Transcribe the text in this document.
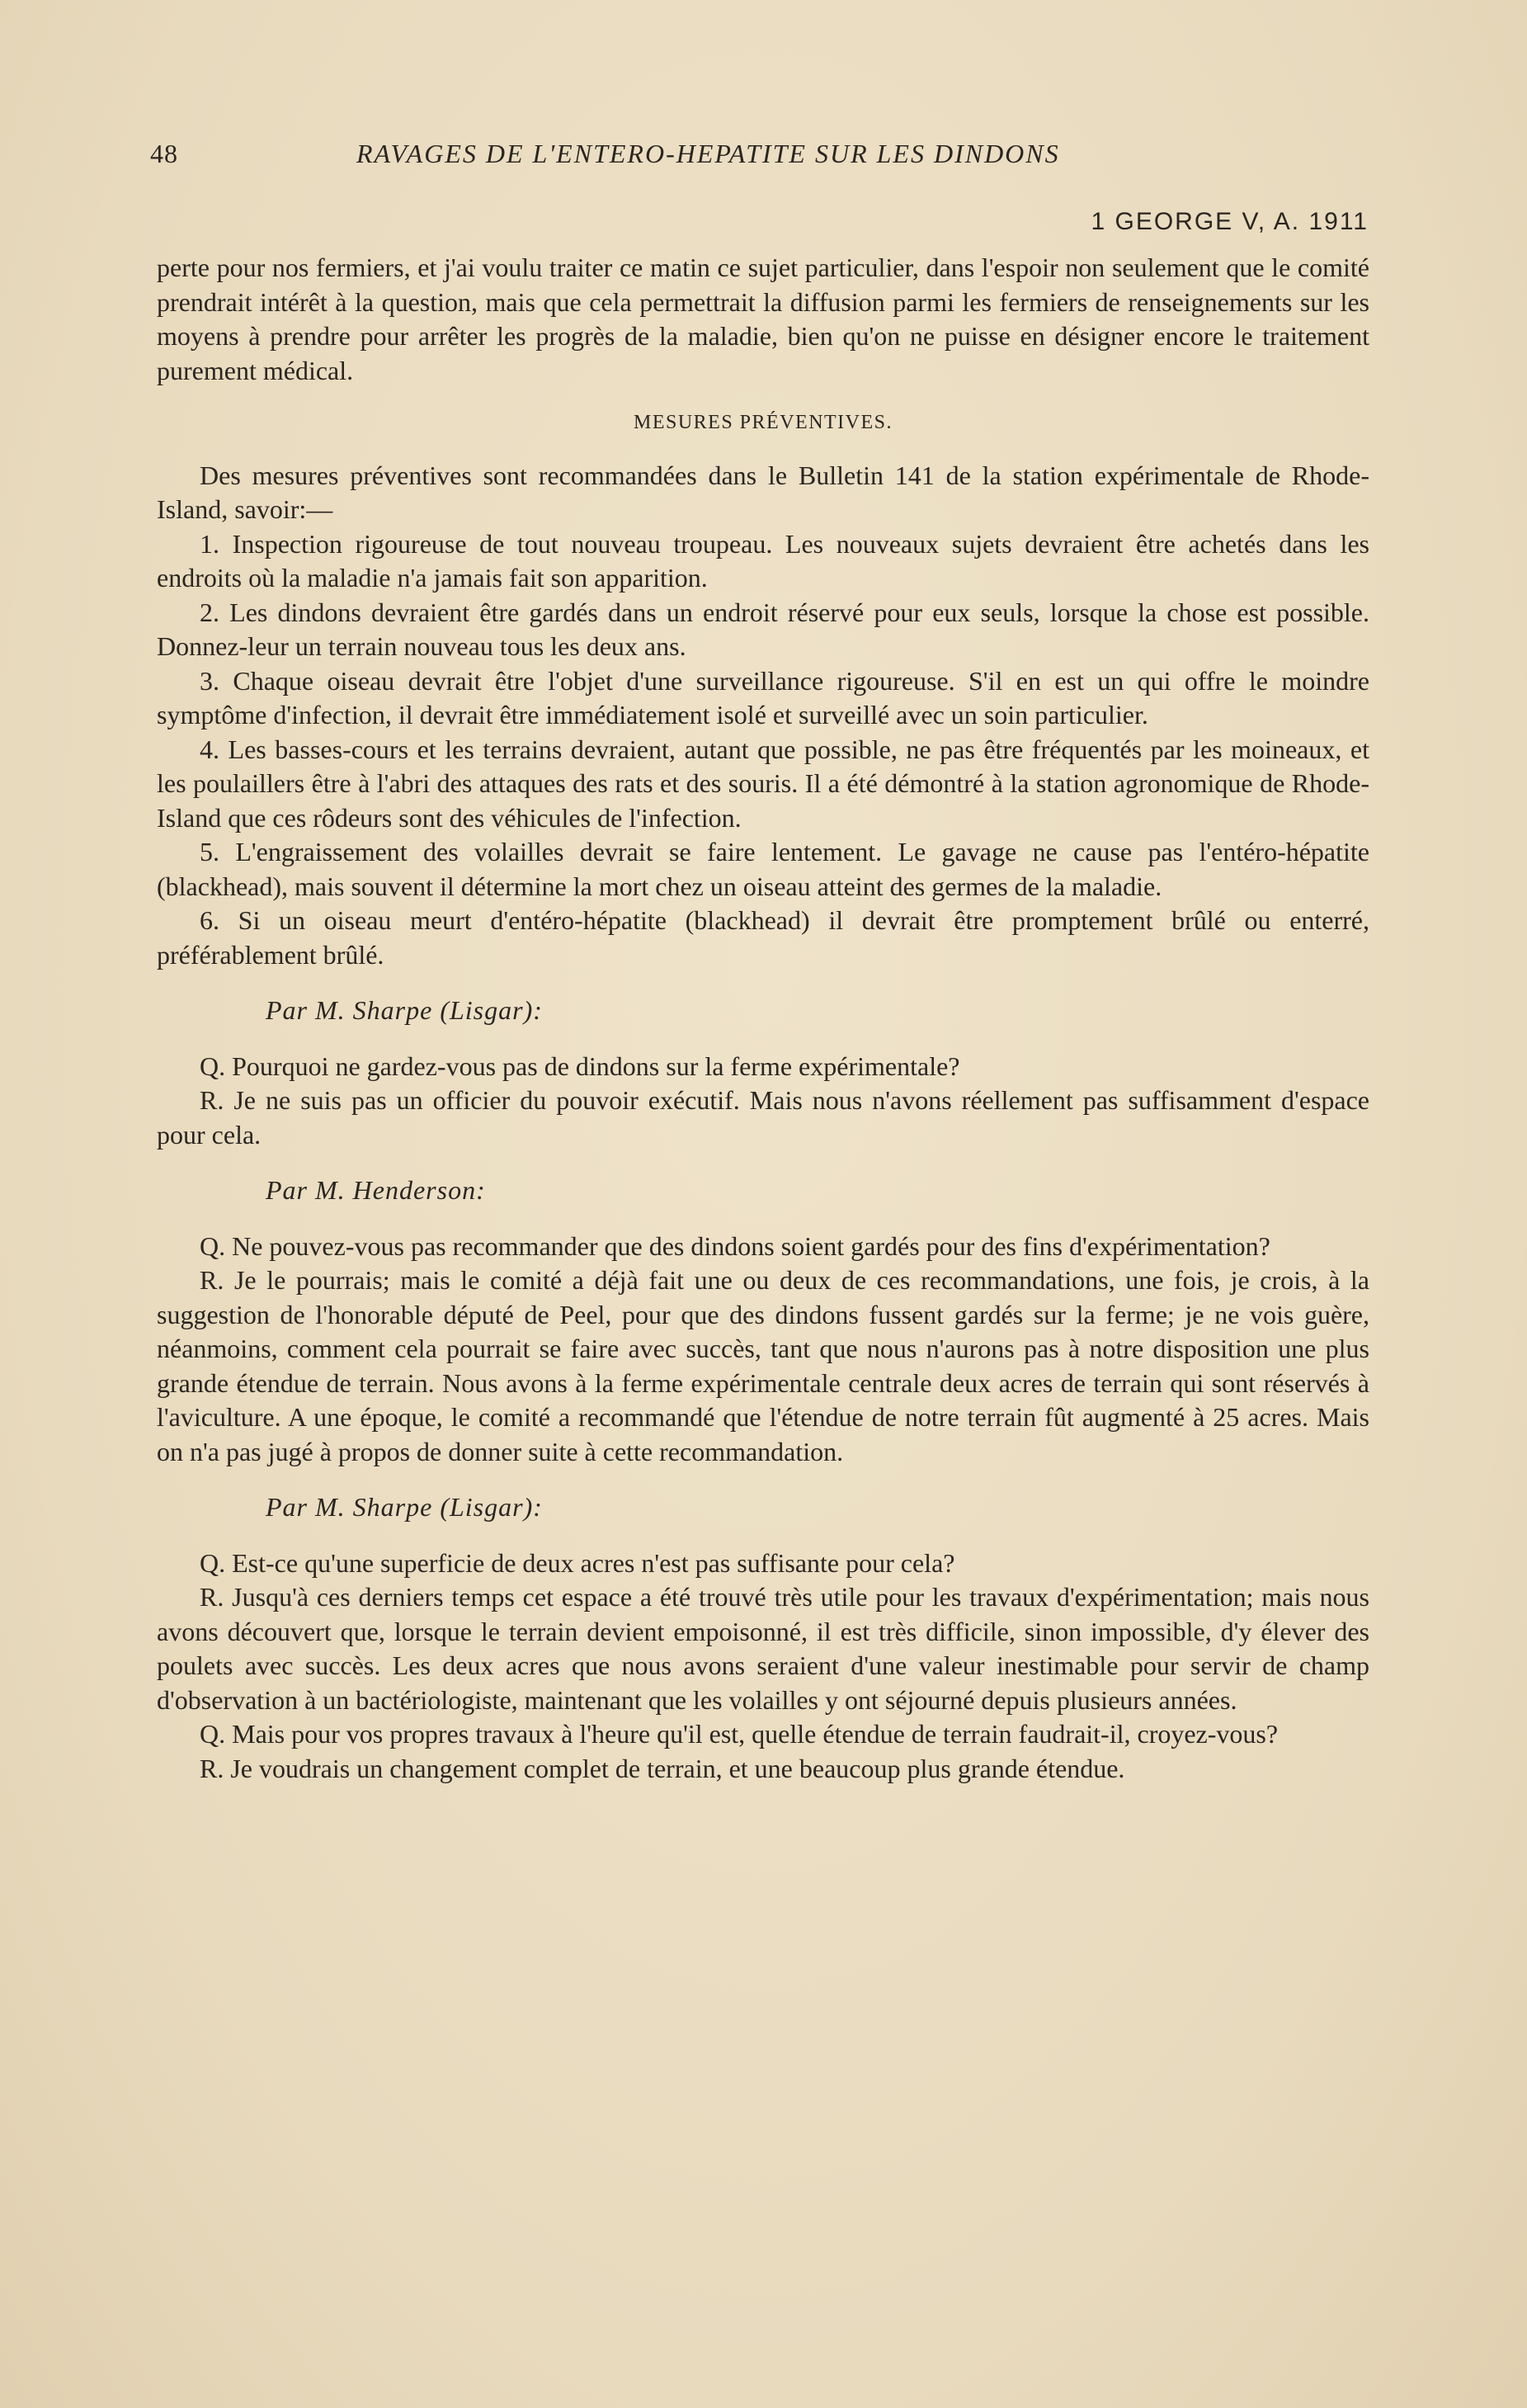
48	RAVAGES DE L'ENTERO-HEPATITE SUR LES DINDONS
1 GEORGE V, A. 1911

perte pour nos fermiers, et j'ai voulu traiter ce matin ce sujet particulier, dans l'espoir non seulement que le comité prendrait intérêt à la question, mais que cela permettrait la diffusion parmi les fermiers de renseignements sur les moyens à prendre pour arrêter les progrès de la maladie, bien qu'on ne puisse en désigner encore le traitement purement médical.

MESURES PRÉVENTIVES.

Des mesures préventives sont recommandées dans le Bulletin 141 de la station expérimentale de Rhode-Island, savoir:—

1. Inspection rigoureuse de tout nouveau troupeau. Les nouveaux sujets devraient être achetés dans les endroits où la maladie n'a jamais fait son apparition.

2. Les dindons devraient être gardés dans un endroit réservé pour eux seuls, lorsque la chose est possible. Donnez-leur un terrain nouveau tous les deux ans.

3. Chaque oiseau devrait être l'objet d'une surveillance rigoureuse. S'il en est un qui offre le moindre symptôme d'infection, il devrait être immédiatement isolé et surveillé avec un soin particulier.

4. Les basses-cours et les terrains devraient, autant que possible, ne pas être fréquentés par les moineaux, et les poulaillers être à l'abri des attaques des rats et des souris. Il a été démontré à la station agronomique de Rhode-Island que ces rôdeurs sont des véhicules de l'infection.

5. L'engraissement des volailles devrait se faire lentement. Le gavage ne cause pas l'entéro-hépatite (blackhead), mais souvent il détermine la mort chez un oiseau atteint des germes de la maladie.

6. Si un oiseau meurt d'entéro-hépatite (blackhead) il devrait être promptement brûlé ou enterré, préférablement brûlé.

Par M. Sharpe (Lisgar):

Q. Pourquoi ne gardez-vous pas de dindons sur la ferme expérimentale?

R. Je ne suis pas un officier du pouvoir exécutif. Mais nous n'avons réellement pas suffisamment d'espace pour cela.

Par M. Henderson:

Q. Ne pouvez-vous pas recommander que des dindons soient gardés pour des fins d'expérimentation?

R. Je le pourrais; mais le comité a déjà fait une ou deux de ces recommandations, une fois, je crois, à la suggestion de l'honorable député de Peel, pour que des dindons fussent gardés sur la ferme; je ne vois guère, néanmoins, comment cela pourrait se faire avec succès, tant que nous n'aurons pas à notre disposition une plus grande étendue de terrain. Nous avons à la ferme expérimentale centrale deux acres de terrain qui sont réservés à l'aviculture. A une époque, le comité a recommandé que l'étendue de notre terrain fût augmenté à 25 acres. Mais on n'a pas jugé à propos de donner suite à cette recommandation.

Par M. Sharpe (Lisgar):

Q. Est-ce qu'une superficie de deux acres n'est pas suffisante pour cela?

R. Jusqu'à ces derniers temps cet espace a été trouvé très utile pour les travaux d'expérimentation; mais nous avons découvert que, lorsque le terrain devient empoisonné, il est très difficile, sinon impossible, d'y élever des poulets avec succès. Les deux acres que nous avons seraient d'une valeur inestimable pour servir de champ d'observation à un bactériologiste, maintenant que les volailles y ont séjourné depuis plusieurs années.

Q. Mais pour vos propres travaux à l'heure qu'il est, quelle étendue de terrain faudrait-il, croyez-vous?

R. Je voudrais un changement complet de terrain, et une beaucoup plus grande étendue.
